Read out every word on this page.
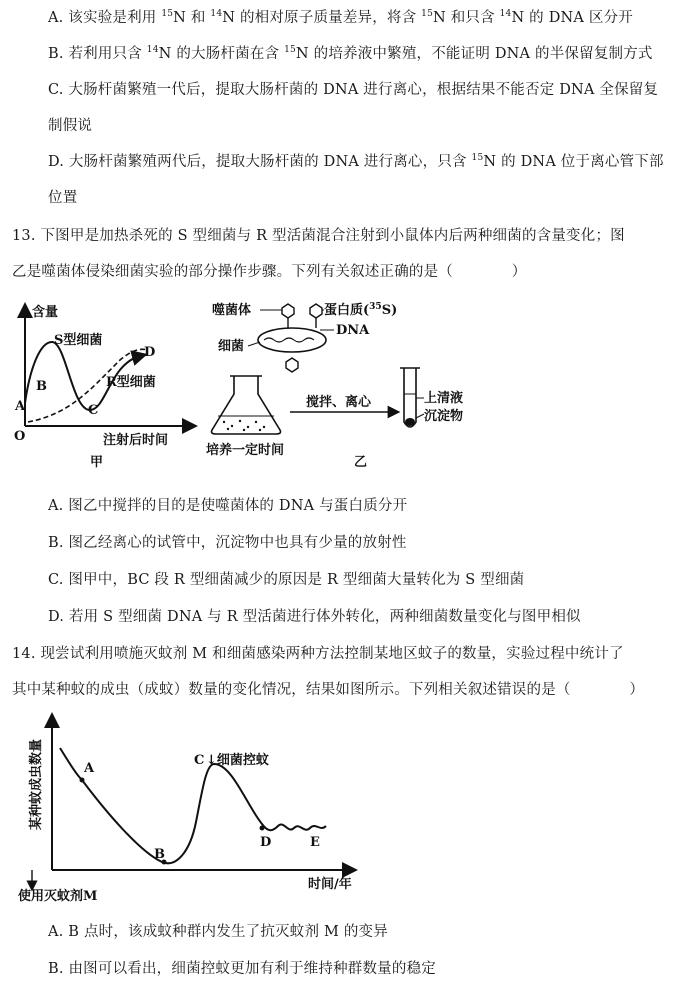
A. 该实验是利用 $^{15}$N 和 $^{14}$N 的相对原子质量差异，将含 $^{15}$N 和只含 $^{14}$N 的 DNA 区分开
B. 若利用只含 $^{14}$N 的大肠杆菌在含 $^{15}$N 的培养液中繁殖，不能证明 DNA 的半保留复制方式
C. 大肠杆菌繁殖一代后，提取大肠杆菌的 DNA 进行离心，根据结果不能否定 DNA 全保留复
制假说
D. 大肠杆菌繁殖两代后，提取大肠杆菌的 DNA 进行离心，只含 $^{15}$N 的 DNA 位于离心管下部
位置
13. 下图甲是加热杀死的 S 型细菌与 R 型活菌混合注射到小鼠体内后两种细菌的含量变化；图
乙是噬菌体侵染细菌实验的部分操作步骤。下列有关叙述正确的是（　　　　）
含量
S型细菌
A
B
C
D
R型细菌
O	注射后时间
甲
噬菌体	蛋白质($^{35}$S)
DNA
细菌
培养一定时间
搅拌、离心	上清液
沉淀物
乙
A. 图乙中搅拌的目的是使噬菌体的 DNA 与蛋白质分开
B. 图乙经离心的试管中，沉淀物中也具有少量的放射性
C. 图甲中，BC 段 R 型细菌减少的原因是 R 型细菌大量转化为 S 型细菌
D. 若用 S 型细菌 DNA 与 R 型活菌进行体外转化，两种细菌数量变化与图甲相似
14. 现尝试利用喷施灭蚊剂 M 和细菌感染两种方法控制某地区蚊子的数量，实验过程中统计了
其中某种蚊的成虫（成蚊）数量的变化情况，结果如图所示。下列相关叙述错误的是（　　　　）
某种蚊成虫数量	A
B
C ↓细菌控蚊
D	E
使用灭蚊剂M
时间/年
A. B 点时，该成蚊种群内发生了抗灭蚊剂 M 的变异
B. 由图可以看出，细菌控蚊更加有利于维持种群数量的稳定
